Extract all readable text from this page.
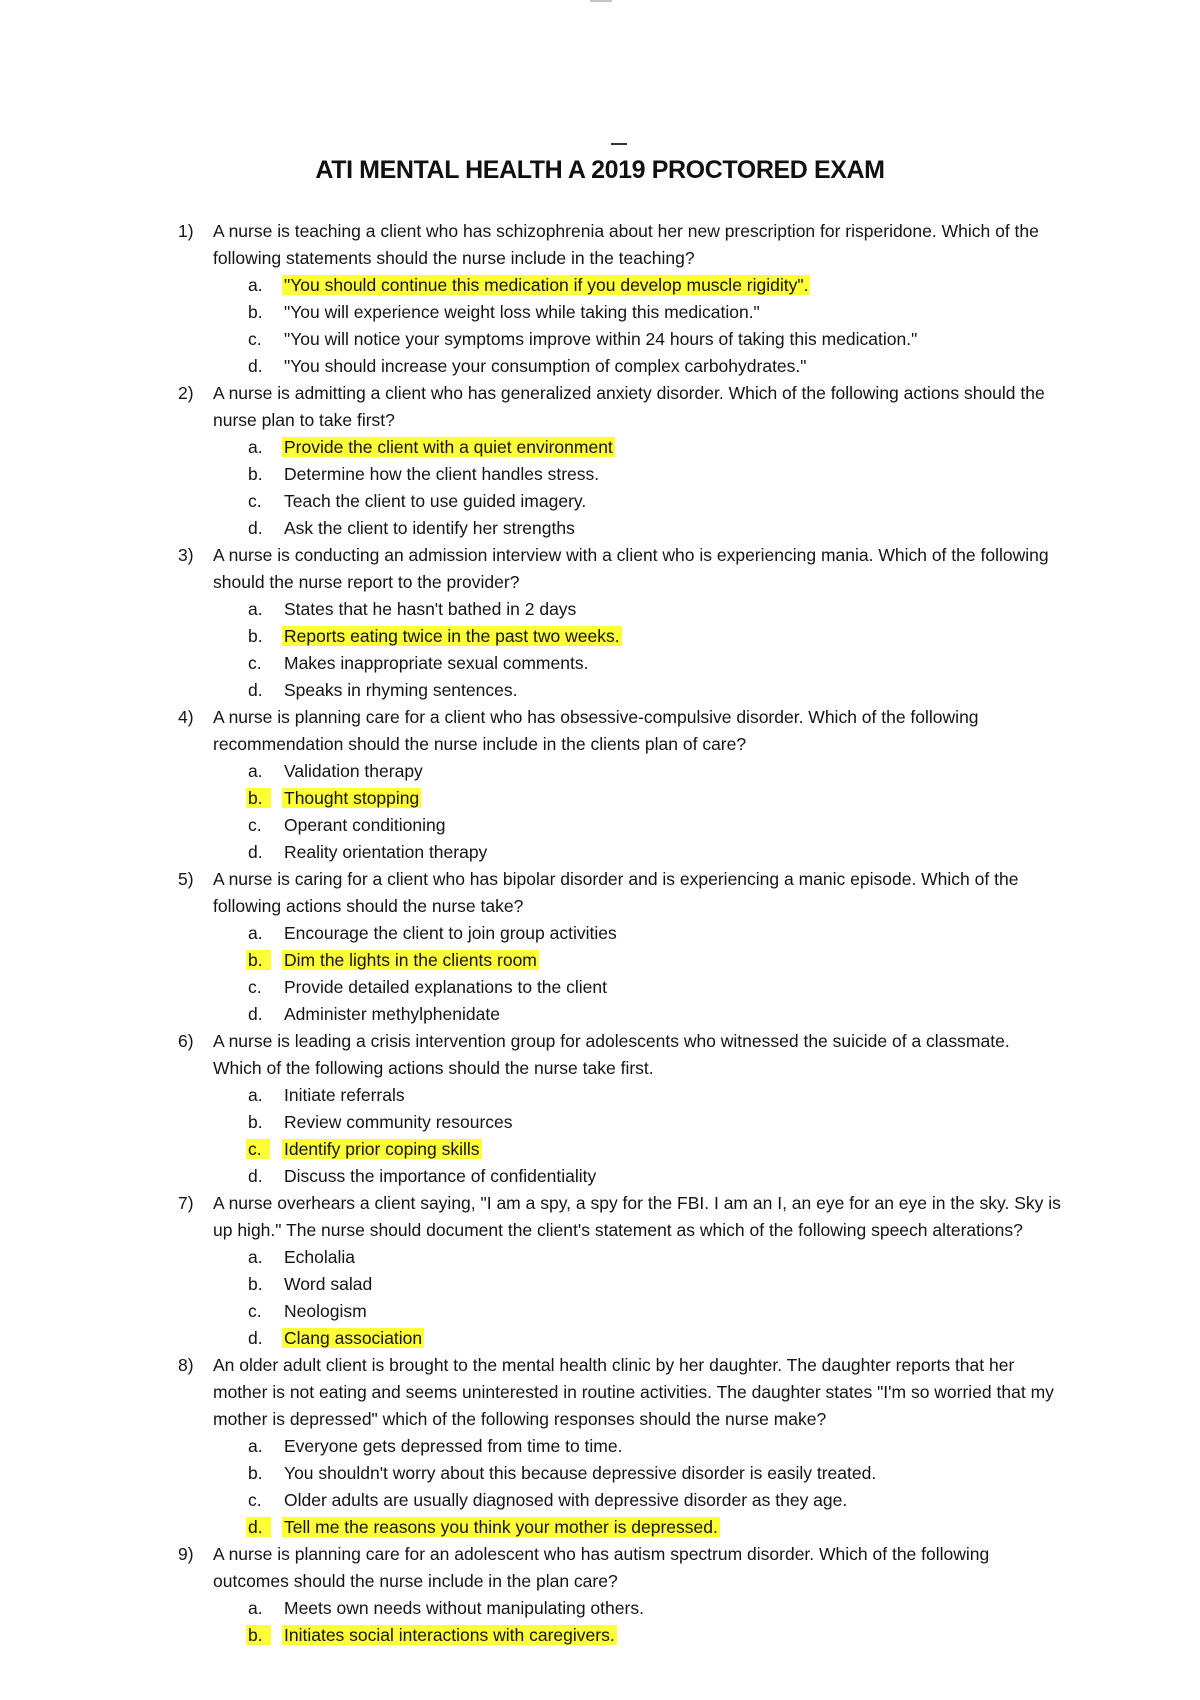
ATI MENTAL HEALTH A 2019 PROCTORED EXAM
1) A nurse is teaching a client who has schizophrenia about her new prescription for risperidone. Which of the following statements should the nurse include in the teaching?
a. "You should continue this medication if you develop muscle rigidity".
b. "You will experience weight loss while taking this medication."
c. "You will notice your symptoms improve within 24 hours of taking this medication."
d. "You should increase your consumption of complex carbohydrates."
2) A nurse is admitting a client who has generalized anxiety disorder. Which of the following actions should the nurse plan to take first?
a. Provide the client with a quiet environment
b. Determine how the client handles stress.
c. Teach the client to use guided imagery.
d. Ask the client to identify her strengths
3) A nurse is conducting an admission interview with a client who is experiencing mania. Which of the following should the nurse report to the provider?
a. States that he hasn't bathed in 2 days
b. Reports eating twice in the past two weeks.
c. Makes inappropriate sexual comments.
d. Speaks in rhyming sentences.
4) A nurse is planning care for a client who has obsessive-compulsive disorder. Which of the following recommendation should the nurse include in the clients plan of care?
a. Validation therapy
b.	Thought stopping
c. Operant conditioning
d. Reality orientation therapy
5) A nurse is caring for a client who has bipolar disorder and is experiencing a manic episode. Which of the following actions should the nurse take?
a. Encourage the client to join group activities
b.	Dim the lights in the clients room
c. Provide detailed explanations to the client
d. Administer methylphenidate
6) A nurse is leading a crisis intervention group for adolescents who witnessed the suicide of a classmate. Which of the following actions should the nurse take first.
a. Initiate referrals
b. Review community resources
c.	Identify prior coping skills
d. Discuss the importance of confidentiality
7) A nurse overhears a client saying, "I am a spy, a spy for the FBI. I am an I, an eye for an eye in the sky. Sky is up high." The nurse should document the client's statement as which of the following speech alterations?
a. Echolalia
b. Word salad
c. Neologism
d. Clang association
8) An older adult client is brought to the mental health clinic by her daughter. The daughter reports that her mother is not eating and seems uninterested in routine activities. The daughter states "I'm so worried that my mother is depressed" which of the following responses should the nurse make?
a. Everyone gets depressed from time to time.
b. You shouldn't worry about this because depressive disorder is easily treated.
c. Older adults are usually diagnosed with depressive disorder as they age.
d.	Tell me the reasons you think your mother is depressed.
9) A nurse is planning care for an adolescent who has autism spectrum disorder. Which of the following outcomes should the nurse include in the plan care?
a. Meets own needs without manipulating others.
b.	Initiates social interactions with caregivers.
